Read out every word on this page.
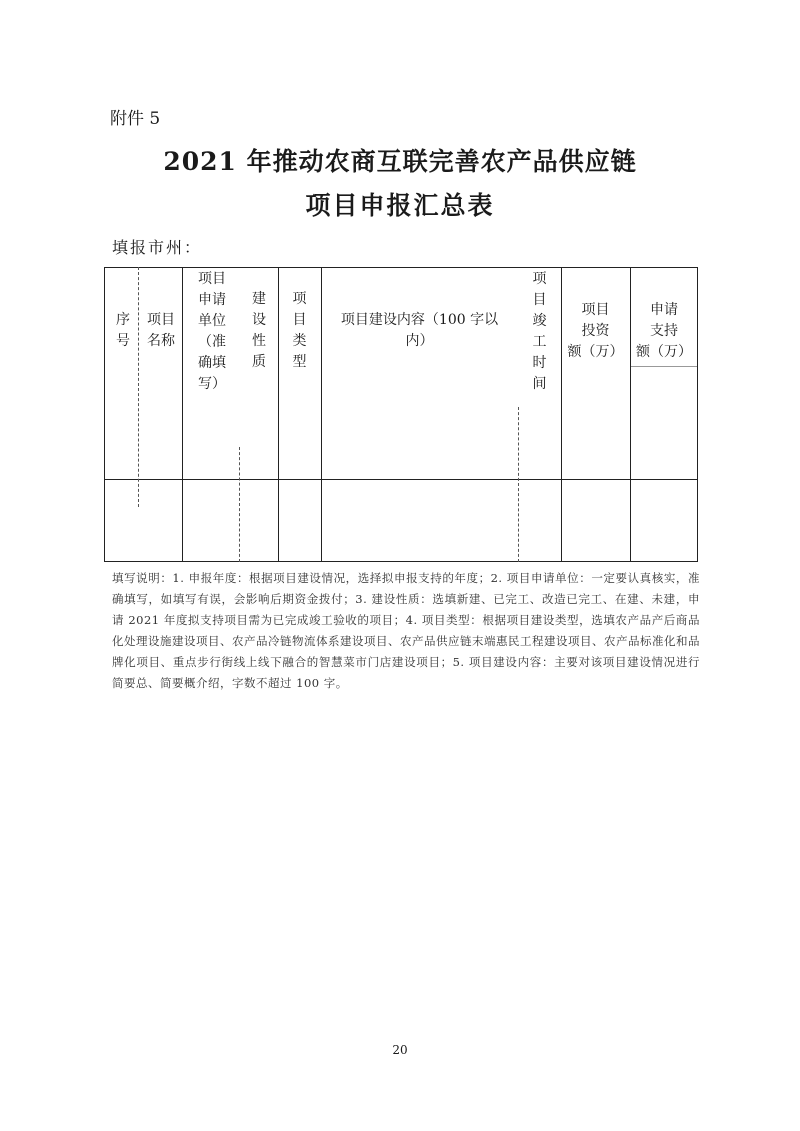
附件 5
2021 年推动农商互联完善农产品供应链
项目申报汇总表
填报市州：
序
号
项目
名称
项目
申请
单位
（准
确填
写）
建
设
性
质
项
目
类
型
项目建设内容（100 字以
内）
项
目
竣
工
时
间
项目
投资
额（万）
申请
支持
额（万）
填写说明：1. 申报年度：根据项目建设情况，选择拟申报支持的年度；2. 项目申请单位：一定要认真核实，准确填写，如填写有误，会影响后期资金拨付；3. 建设性质：选填新建、已完工、改造已完工、在建、未建，申请 2021 年度拟支持项目需为已完成竣工验收的项目；4. 项目类型：根据项目建设类型，选填农产品产后商品化处理设施建设项目、农产品冷链物流体系建设项目、农产品供应链末端惠民工程建设项目、农产品标准化和品牌化项目、重点步行街线上线下融合的智慧菜市门店建设项目；5. 项目建设内容：主要对该项目建设情况进行简要总、简要概介绍，字数不超过 100 字。
20
